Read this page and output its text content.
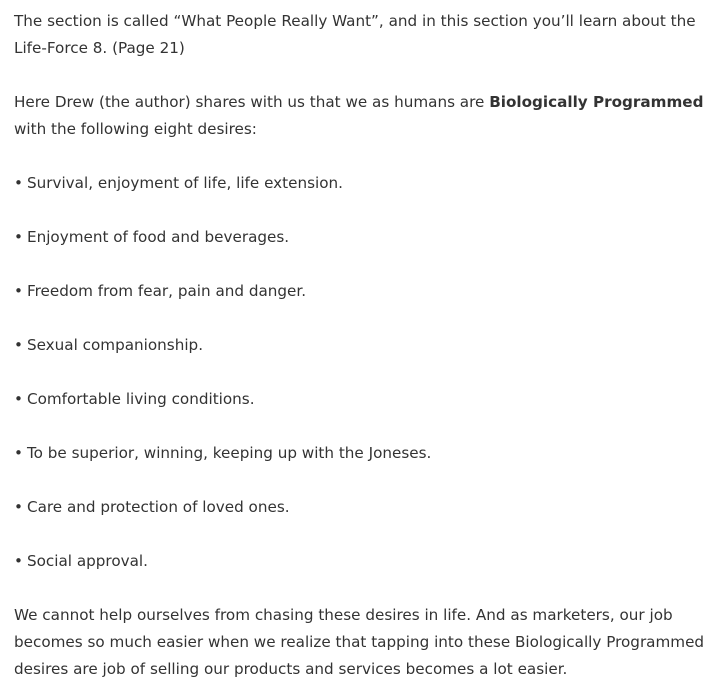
The section is called “What People Really Want”, and in this section you’ll learn about the Life-Force 8. (Page 21)

Here Drew (the author) shares with us that we as humans are Biologically Programmed with the following eight desires:

• Survival, enjoyment of life, life extension.
• Enjoyment of food and beverages.
• Freedom from fear, pain and danger.
• Sexual companionship.
• Comfortable living conditions.
• To be superior, winning, keeping up with the Joneses.
• Care and protection of loved ones.
• Social approval.

We cannot help ourselves from chasing these desires in life. And as marketers, our job becomes so much easier when we realize that tapping into these Biologically Programmed desires are job of selling our products and services becomes a lot easier.
